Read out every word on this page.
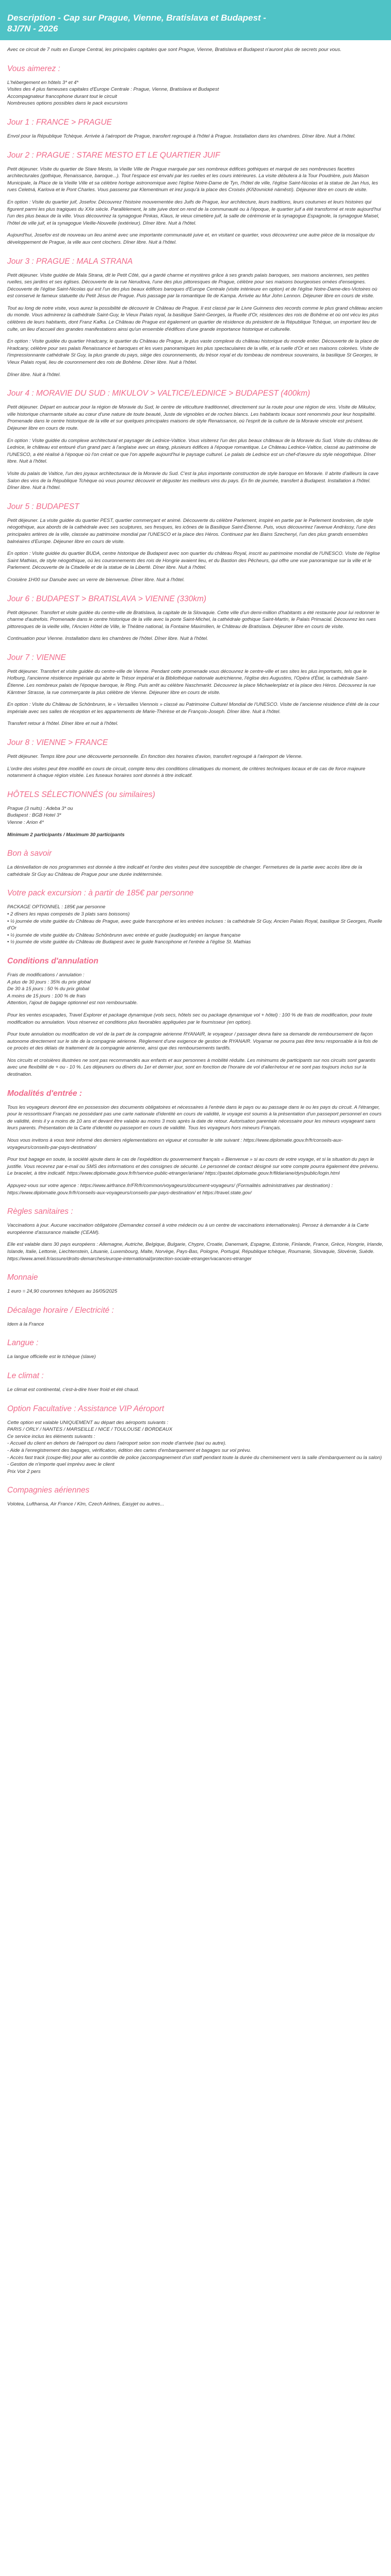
Description - Cap sur Prague, Vienne, Bratislava et Budapest -
8J/7N - 2026

Avec ce circuit de 7 nuits en Europe Central, les principales capitales que sont Prague, Vienne, Bratislava et Budapest n'auront plus de secrets pour vous.

Vous aimerez :
L'hébergement en hôtels 3* et 4*
Visites des 4 plus fameuses capitales d'Europe Centrale : Prague, Vienne, Bratislava et Budapest
Accompagnateur francophone durant tout le circuit
Nombreuses options possibles dans le pack excursions
Jour 1 : FRANCE > PRAGUE

Envol pour la République Tchèque. Arrivée à l'aéroport de Prague, transfert regroupé à l'hôtel à Prague. Installation dans les chambres. Dîner libre. Nuit à l'hôtel.

Jour 2 : PRAGUE : STARE MESTO ET LE QUARTIER JUIF

Petit déjeuner. Visite du quartier de Stare Mesto, la Vieille Ville de Prague marquée par ses nombreux édifices gothiques et marqué de ses nombreuses facettes architecturales (gothique, Renaissance, baroque...). Tout l'espace est envahi par les ruelles et les cours intérieures. La visite débutera à la Tour Poudrière, puis Maison Municipale, la Place de la Vieille Ville et sa célèbre horloge astronomique avec l'église Notre-Dame de Tyn, l'hôtel de ville, l'église Saint-Nicolas et la statue de Jan Hus, les rues Celetná, Karlova et le Pont Charles. Vous passerez par Klementinum et irez jusqu'à la place des Croisés (Křižovnické náměstí). Déjeuner libre en cours de visite.

En option : Visite du quartier juif, Josefov. Découvrez l'histoire mouvementée des Juifs de Prague, leur architecture, leurs traditions, leurs coutumes et leurs histoires qui figurent parmi les plus tragiques du XXe siècle. Parallèlement, le site juive dont on rend de la communauté ou à l'époque, le quartier juif a été transformé et reste aujourd'hui l'un des plus beaux de la ville. Vous découvrirez la synagogue Pinkas, Klaus, le vieux cimetière juif, la salle de cérémonie et la synagogue Espagnole, la synagogue Maisel, l'hôtel de ville juif, et la synagogue Vieille-Nouvelle (extérieur). Dîner libre. Nuit à l'hôtel.

Aujourd'hui, Josefov est de nouveau un lieu animé avec une importante communauté juive et, en visitant ce quartier, vous découvrirez une autre pièce de la mosaïque du développement de Prague, la ville aux cent clochers. Dîner libre. Nuit à l'hôtel.

Jour 3 : PRAGUE : MALA STRANA

Petit déjeuner. Visite guidée de Mala Strana, dit le Petit Côté, qui a gardé charme et mystères grâce à ses grands palais baroques, ses maisons anciennes, ses petites ruelles, ses jardins et ses églises. Découverte de la rue Nerudova, l'une des plus pittoresques de Prague, célèbre pour ses maisons bourgeoises ornées d'enseignes. Découverte de l'église Saint-Nicolas qui est l'un des plus beaux édifices baroques d'Europe Centrale (visite intérieure en option) et de l'église Notre-Dame-des-Victoires où est conservé le fameux statuette du Petit Jésus de Prague. Puis passage par la romantique île de Kampa. Arrivée au Mur John Lennon. Déjeuner libre en cours de visite.

Tout au long de notre visite, vous aurez la possibilité de découvrir le Château de Prague. Il est classé par le Livre Guinness des records comme le plus grand château ancien du monde. Vous admirerez la cathédrale Saint-Guy, le Vieux Palais royal, la basilique Saint-Georges, la Ruelle d'Or, résidences des rois de Bohême et où ont vécu les plus célèbres de leurs habitants, dont Franz Kafka. Le Château de Prague est également un quartier de résidence du président de la République Tchèque, un important lieu de culte, un lieu d'accueil des grandes manifestations ainsi qu'un ensemble d'édifices d'une grande importance historique et culturelle.

En option : Visite guidée du quartier Hradcany, le quartier du Château de Prague, le plus vaste complexe du château historique du monde entier. Découverte de la place de Hradcany, célèbre pour ses palais Renaissance et baroques et les vues panoramiques les plus spectaculaires de la ville, et la ruelle d'Or et ses maisons colorées. Visite de l'impressionnante cathédrale St Guy, la plus grande du pays, siège des couronnements, du trésor royal et du tombeau de nombreux souverains, la basilique St Georges, le Vieux Palais royal, lieu de couronnement des rois de Bohême. Dîner libre. Nuit à l'hôtel.

Dîner libre. Nuit à l'hôtel.

Jour 4 : MORAVIE DU SUD : MIKULOV > VALTICE/LEDNICE > BUDAPEST (400km)

Petit déjeuner. Départ en autocar pour la région de Moravie du Sud, le centre de viticulture traditionnel, directement sur la route pour une région de vins. Visite de Mikulov, ville historique charmante située au cœur d'une nature de toute beauté, Juste de vignobles et de roches blancs. Les habitants locaux sont renommés pour leur hospitalité. Promenade dans le centre historique de la ville et sur quelques principales maisons de style Renaissance, où l'esprit de la culture de la Moravie vinicole est présent. Déjeuner libre en cours de route.

En option : Visite guidée du complexe architectural et paysager de Lednice-Valtice. Vous visiterez l'un des plus beaux châteaux de la Moravie du Sud. Visite du château de Lednice, le château est entouré d'un grand parc à l'anglaise avec un étang, plusieurs édifices à l'époque romantique. Le Château Lednice-Valtice, classé au patrimoine de l'UNESCO, a été réalisé à l'époque où l'on créait ce que l'on appelle aujourd'hui le paysage culturel. Le palais de Lednice est un chef-d'œuvre du style néogothique. Dîner libre. Nuit à l'hôtel.

Visite du palais de Valtice, l'un des joyaux architecturaux de la Moravie du Sud. C'est la plus importante construction de style baroque en Moravie. Il abrite d'ailleurs la cave Salon des vins de la République Tchèque où vous pourrez découvrir et déguster les meilleurs vins du pays. En fin de journée, transfert à Budapest. Installation à l'hôtel. Dîner libre. Nuit à l'hôtel.

Jour 5 : BUDAPEST

Petit déjeuner. La visite guidée du quartier PEST, quartier commerçant et animé. Découverte du célèbre Parlement, inspiré en partie par le Parlement londonien, de style néogothique, aux abords de la cathédrale avec ses sculptures, ses fresques, les icônes de la Basilique Saint-Étienne. Puis, vous découvrirez l'avenue Andrássy, l'une des principales artères de la ville, classée au patrimoine mondial par l'UNESCO et la place des Héros. Continuez par les Bains Szechenyi, l'un des plus grands ensembles balnéaires d'Europe. Déjeuner libre en cours de visite.

En option : Visite guidée du quartier BUDA, centre historique de Budapest avec son quartier du château Royal, inscrit au patrimoine mondial de l'UNESCO. Visite de l'église Saint Mathias, de style néogothique, où les couronnements des rois de Hongrie avaient lieu, et du Bastion des Pêcheurs, qui offre une vue panoramique sur la ville et le Parlement. Découverte de la Citadelle et de la statue de la Liberté. Dîner libre. Nuit à l'hôtel.

Croisière 1H00 sur Danube avec un verre de bienvenue. Dîner libre. Nuit à l'hôtel.

Jour 6 : BUDAPEST > BRATISLAVA > VIENNE (330km)

Petit déjeuner. Transfert et visite guidée du centre-ville de Bratislava, la capitale de la Slovaquie. Cette ville d'un demi-million d'habitants a été restaurée pour lui redonner le charme d'autrefois. Promenade dans le centre historique de la ville avec la porte Saint-Michel, la cathédrale gothique Saint-Martin, le Palais Primacial. Découvrez les rues pittoresques de la vieille ville, l'Ancien Hôtel de Ville, le Théâtre national, la Fontaine Maximilien, le Château de Bratislava. Déjeuner libre en cours de visite.

Continuation pour Vienne. Installation dans les chambres de l'hôtel. Dîner libre. Nuit à l'hôtel.

Jour 7 : VIENNE

Petit déjeuner. Transfert et visite guidée du centre-ville de Vienne. Pendant cette promenade vous découvrez le centre-ville et ses sites les plus importants, tels que le Hofburg, l'ancienne résidence impériale qui abrite le Trésor impérial et la Bibliothèque nationale autrichienne, l'église des Augustins, l'Opéra d'État, la cathédrale Saint-Étienne. Les nombreux palais de l'époque baroque, le Ring. Puis arrêt au célèbre Naschmarkt. Découvrez la place Michaelerplatz et la place des Héros. Découvrez la rue Kärntner Strasse, la rue commerçante la plus célèbre de Vienne. Déjeuner libre en cours de visite.

En option : Visite du Château de Schönbrunn, le « Versailles Viennois » classé au Patrimoine Culturel Mondial de l'UNESCO. Visite de l'ancienne résidence d'été de la cour impériale avec ses salles de réception et les appartements de Marie-Thérèse et de François-Joseph. Dîner libre. Nuit à l'hôtel.

Transfert retour à l'hôtel. Dîner libre et nuit à l'hôtel.

Jour 8 : VIENNE > FRANCE

Petit déjeuner. Temps libre pour une découverte personnelle. En fonction des horaires d'avion, transfert regroupé à l'aéroport de Vienne.

L'ordre des visites peut être modifié en cours de circuit, compte tenu des conditions climatiques du moment, de critères techniques locaux et de cas de force majeure notamment à chaque région visitée. Les fuseaux horaires sont donnés à titre indicatif.

HÔTELS SÉLECTIONNÉS (ou similaires)
Prague (3 nuits) : Adeba 3* ou
Budapest : BGB Hotel 3*
Vienne : Arion 4*

Minimum 2 participants / Maximum 30 participants

Bon à savoir

La dénivellation de nos programmes est donnée à titre indicatif et l'ordre des visites peut être susceptible de changer. Fermetures de la partie avec accès libre de la cathédrale St Guy au Château de Prague pour une durée indéterminée.

Votre pack excursion : à partir de 185€ par personne
PACKAGE OPTIONNEL : 185€ par personne
• 2 dîners les repas composés de 3 plats sans boissons)
• ½ journée de visite guidée du Château de Prague, avec guide francophone et les entrées incluses : la cathédrale St Guy, Ancien Palais Royal, basilique St Georges, Ruelle d'Or
• ½ journée de visite guidée du Château Schönbrunn avec entrée et guide (audioguide) en langue française
• ½ journée de visite guidée du Château de Budapest avec le guide francophone et l'entrée à l'église St. Mathias
Conditions d'annulation
Frais de modifications / annulation :
A plus de 30 jours : 35% du prix global
De 30 à 15 jours : 50 % du prix global
A moins de 15 jours : 100 % de frais
Attention, l'ajout de bagage optionnel est non remboursable.

Pour les ventes escapades, Travel Explorer et package dynamique (vols secs, hôtels sec ou package dynamique vol + hôtel) : 100 % de frais de modification, pour toute modification ou annulation. Vous réservez et conditions plus favorables appliquées par le fournisseur (en option).

Pour toute annulation ou modification de vol de la part de la compagnie aérienne RYANAIR, le voyageur / passager devra faire sa demande de remboursement de façon autonome directement sur le site de la compagnie aérienne. Règlement d'une exigence de gestion de RYANAIR. Voyamar ne pourra pas être tenu responsable à la fois de ce procès et des délais de traitement de la compagnie aérienne, ainsi que des remboursements tardifs.

Nos circuits et croisières illustrées ne sont pas recommandés aux enfants et aux personnes à mobilité réduite. Les minimums de participants sur nos circuits sont garantis avec une flexibilité de + ou - 10 %. Les déjeuners ou dîners du 1er et dernier jour, sont en fonction de l'horaire de vol d'aller/retour et ne sont pas toujours inclus sur la destination.

Modalités d'entrée :

Tous les voyageurs devront être en possession des documents obligatoires et nécessaires à l'entrée dans le pays ou au passage dans le ou les pays du circuit. A l'étranger, pour le ressortissant Français ne possédant pas une carte nationale d'identité en cours de validité, le voyage est soumis à la présentation d'un passeport personnel en cours de validité, émis il y a moins de 10 ans et devant être valable au moins 3 mois après la date de retour. Autorisation parentale nécessaire pour les mineurs voyageant sans leurs parents. Présentation de la Carte d'identité ou passeport en cours de validité. Tous les voyageurs hors mineurs Français.

Nous vous invitons à vous tenir informé des derniers réglementations en vigueur et consulter le site suivant : https://www.diplomatie.gouv.fr/fr/conseils-aux-voyageurs/conseils-par-pays-destination/

Pour tout bagage en soute, la société ajoute dans le cas de l'expédition du gouvernement français « Bienvenue » si au cours de votre voyage, et si la situation du pays le justifie. Vous recevrez par e-mail ou SMS des informations et des consignes de sécurité. Le personnel de contact désigné sur votre compte pourra également être prévenu. Le bracelet, à titre indicatif. https://www.diplomatie.gouv.fr/fr/service-public-etranger/ariane/ https://pastel.diplomatie.gouv.fr/fildariane/dyn/public/login.html

Appuyez-vous sur votre agence : https://www.airfrance.fr/FR/fr/common/voyageurs/document-voyageurs/ (Formalités administratives par destination) : https://www.diplomatie.gouv.fr/fr/conseils-aux-voyageurs/conseils-par-pays-destination/ et https://travel.state.gov/

Règles sanitaires :

Vaccinations à jour. Aucune vaccination obligatoire (Demandez conseil à votre médecin ou à un centre de vaccinations internationales). Pensez à demander à la Carte européenne d'assurance maladie (CEAM).

Elle est valable dans 30 pays européens : Allemagne, Autriche, Belgique, Bulgarie, Chypre, Croatie, Danemark, Espagne, Estonie, Finlande, France, Grèce, Hongrie, Irlande, Islande, Italie, Lettonie, Liechtenstein, Lituanie, Luxembourg, Malte, Norvège, Pays-Bas, Pologne, Portugal, République tchèque, Roumanie, Slovaquie, Slovénie, Suède. https://www.ameli.fr/assure/droits-demarches/europe-international/protection-sociale-etranger/vacances-etranger

Monnaie

1 euro = 24,90 couronnes tchèques au 16/05/2025

Décalage horaire / Electricité :

Idem à la France

Langue :

La langue officielle est le tchèque (slave)

Le climat :

Le climat est continental, c'est-à-dire hiver froid et été chaud.

Option Facultative : Assistance VIP Aéroport
Cette option est valable UNIQUEMENT au départ des aéroports suivants :
PARIS / ORLY / NANTES / MARSEILLE / NICE / TOULOUSE / BORDEAUX
Ce service inclus les éléments suivants :
- Accueil du client en dehors de l'aéroport ou dans l'aéroport selon son mode d'arrivée (taxi ou autre).
- Aide à l'enregistrement des bagages, vérification, édition des cartes d'embarquement et bagages sur vol prévu.
- Accès fast track (coupe-file) pour aller au contrôle de police (accompagnement d'un staff pendant toute la durée du cheminement vers la salle d'embarquement ou la salon)
- Gestion de n'importe quel imprévu avec le client
Prix Voir 2 pers
Compagnies aériennes

Volotea, Lufthansa, Air France / Klm, Czech Airlines, Easyjet ou autres...
